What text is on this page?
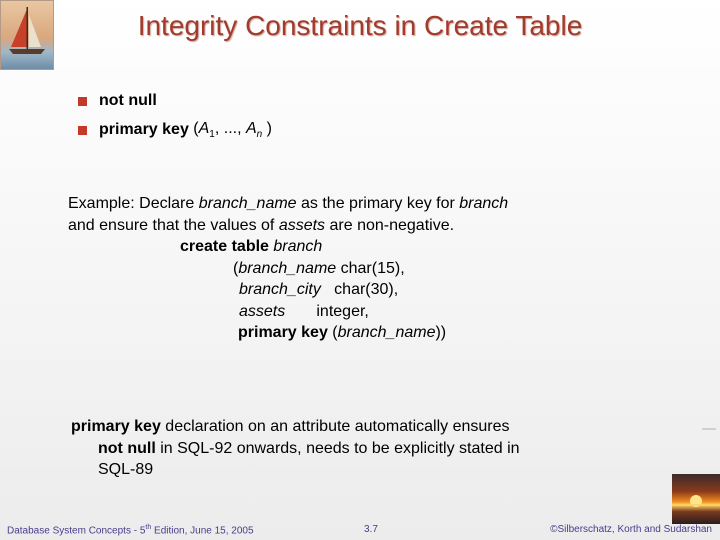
Integrity Constraints in Create Table
not null
primary key ($A_1$, ..., $A_n$ )
Example: Declare branch_name as the primary key for branch
and ensure that the values of assets are non-negative.
create table branch
(branch_name char(15),
branch_city   char(30),
assets       integer,
primary key (branch_name))
primary key declaration on an attribute automatically ensures
not null in SQL-92 onwards, needs to be explicitly stated in
SQL-89
Database System Concepts - 5th Edition, June 15, 2005	3.7	©Silberschatz, Korth and Sudarshan
